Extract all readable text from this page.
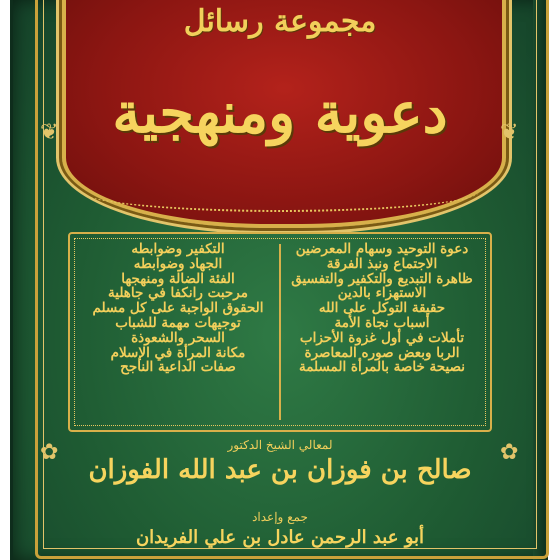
❦	❦
✿	✿
مجموعة رسائل
دعوية ومنهجية
دعوة التوحيد وسهام المعرضين
الاجتماع ونبذ الفرقة
ظاهرة التبديع والتكفير والتفسيق
الاستهزاء بالدين
حقيقة التوكل على الله
أسباب نجاة الأمة
تأملات في أول غزوة الأحزاب
الربا وبعض صوره المعاصرة
نصيحة خاصة بالمرأة المسلمة
التكفير وضوابطه
الجهاد وضوابطه
الفئة الضالة ومنهجها
مرحبت رانكفا في جاهلية
الحقوق الواجبة على كل مسلم
توجيهات مهمة للشباب
السحر والشعوذة
مكانة المرأة في الإسلام
صفات الداعية الناجح
لمعالي الشيخ الدكتور
صالح بن فوزان بن عبد الله الفوزان
جمع وإعداد
أبو عبد الرحمن عادل بن علي الفريدان
